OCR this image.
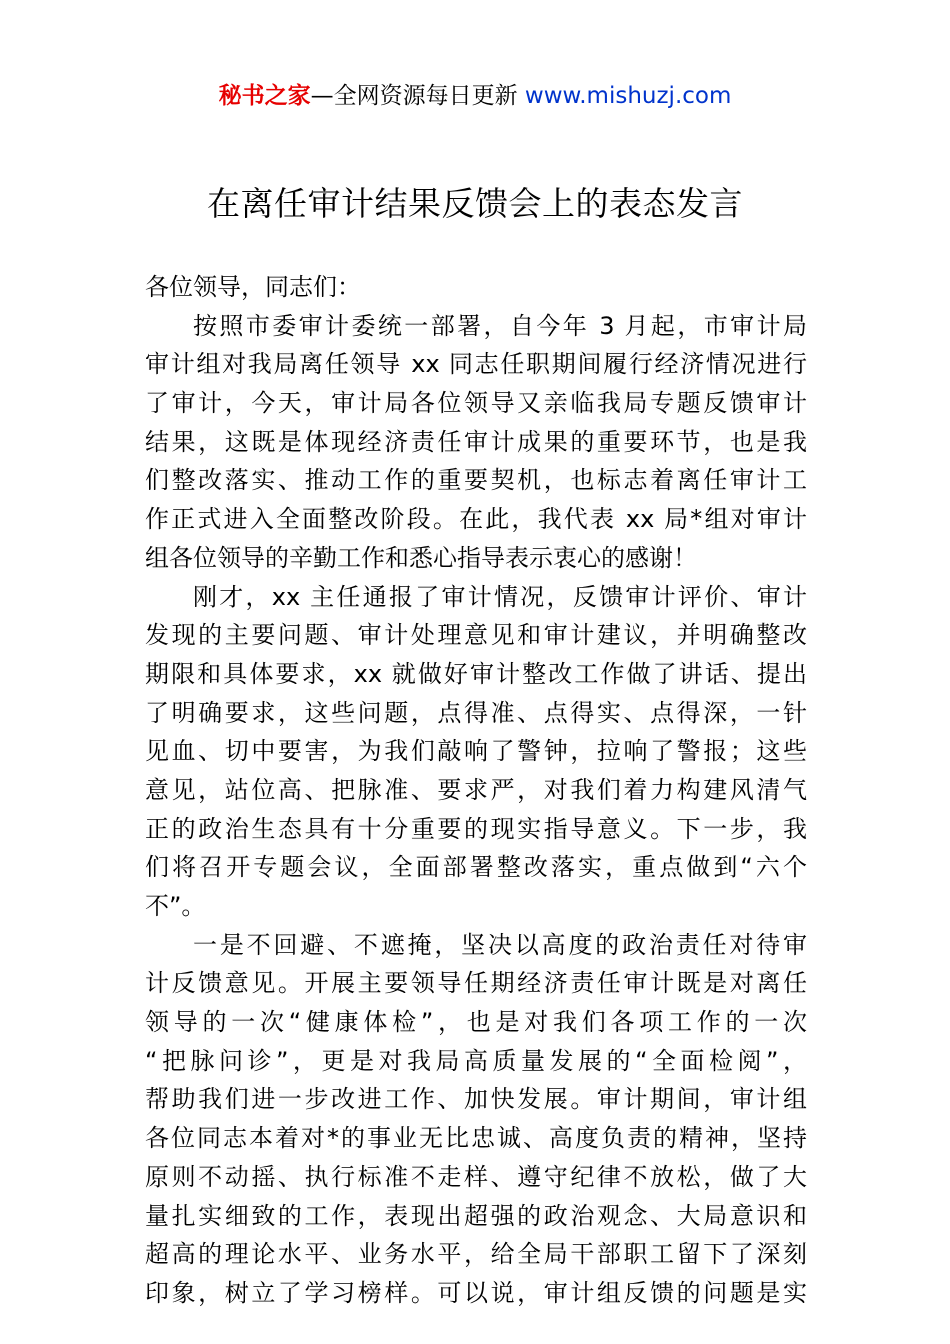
秘书之家—全网资源每日更新 www.mishuzj.com
在离任审计结果反馈会上的表态发言
各位领导，同志们：
按照市委审计委统一部署，自今年 3 月起，市审计局
审计组对我局离任领导 xx 同志任职期间履行经济情况进行
了审计，今天，审计局各位领导又亲临我局专题反馈审计
结果，这既是体现经济责任审计成果的重要环节，也是我
们整改落实、推动工作的重要契机，也标志着离任审计工
作正式进入全面整改阶段。在此，我代表 xx 局*组对审计
组各位领导的辛勤工作和悉心指导表示衷心的感谢！
刚才，xx 主任通报了审计情况，反馈审计评价、审计
发现的主要问题、审计处理意见和审计建议，并明确整改
期限和具体要求，xx 就做好审计整改工作做了讲话、提出
了明确要求，这些问题，点得准、点得实、点得深，一针
见血、切中要害，为我们敲响了警钟，拉响了警报；这些
意见，站位高、把脉准、要求严，对我们着力构建风清气
正的政治生态具有十分重要的现实指导意义。下一步，我
们将召开专题会议，全面部署整改落实，重点做到“六个
不”。
一是不回避、不遮掩，坚决以高度的政治责任对待审
计反馈意见。开展主要领导任期经济责任审计既是对离任
领导的一次“健康体检”，也是对我们各项工作的一次
“把脉问诊”，更是对我局高质量发展的“全面检阅”，
帮助我们进一步改进工作、加快发展。审计期间，审计组
各位同志本着对*的事业无比忠诚、高度负责的精神，坚持
原则不动摇、执行标准不走样、遵守纪律不放松，做了大
量扎实细致的工作，表现出超强的政治观念、大局意识和
超高的理论水平、业务水平，给全局干部职工留下了深刻
印象，树立了学习榜样。可以说，审计组反馈的问题是实
